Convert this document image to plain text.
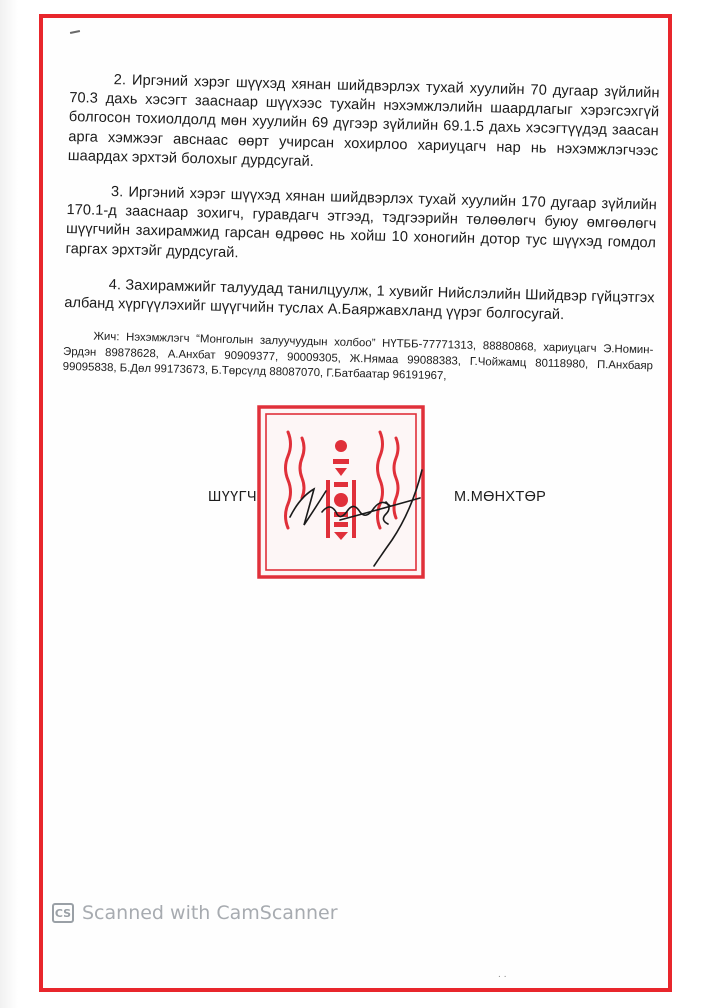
2. Иргэний хэрэг шүүхэд хянан шийдвэрлэх тухай хуулийн 70 дугаар зүйлийн 70.3 дахь хэсэгт зааснаар шүүхээс тухайн нэхэмжлэлийн шаардлагыг хэрэгсэхгүй болгосон тохиолдолд мөн хуулийн 69 дүгээр зүйлийн 69.1.5 дахь хэсэгтүүдэд заасан арга хэмжээг авснаас өөрт учирсан хохирлоо хариуцагч нар нь нэхэмжлэгчээс шаардах эрхтэй болохыг дурдсугай.

3. Иргэний хэрэг шүүхэд хянан шийдвэрлэх тухай хуулийн 170 дугаар зүйлийн 170.1-д зааснаар зохигч, гуравдагч этгээд, тэдгээрийн төлөөлөгч буюу өмгөөлөгч шүүгчийн захирамжид гарсан өдрөөс нь хойш 10 хоногийн дотор тус шүүхэд гомдол гаргах эрхтэйг дурдсугай.

4. Захирамжийг талуудад танилцуулж, 1 хувийг Нийслэлийн Шийдвэр гүйцэтгэх албанд хүргүүлэхийг шүүгчийн туслах А.Баяржавхланд үүрэг болгосугай.

Жич: Нэхэмжлэгч “Монголын залуучуудын холбоо” НҮТББ-77771313, 88880868, хариуцагч Э.Номин-Эрдэн 89878628, А.Анхбат 90909377, 90009305, Ж.Нямаа 99088383, Г.Чойжамц 80118980, П.Анхбаяр 99095838, Б.Дөл 99173673, Б.Төрсүлд 88087070, Г.Батбаатар 96191967,

ШҮҮГЧ	М.МӨНХТӨР
CS Scanned with CamScanner
..
